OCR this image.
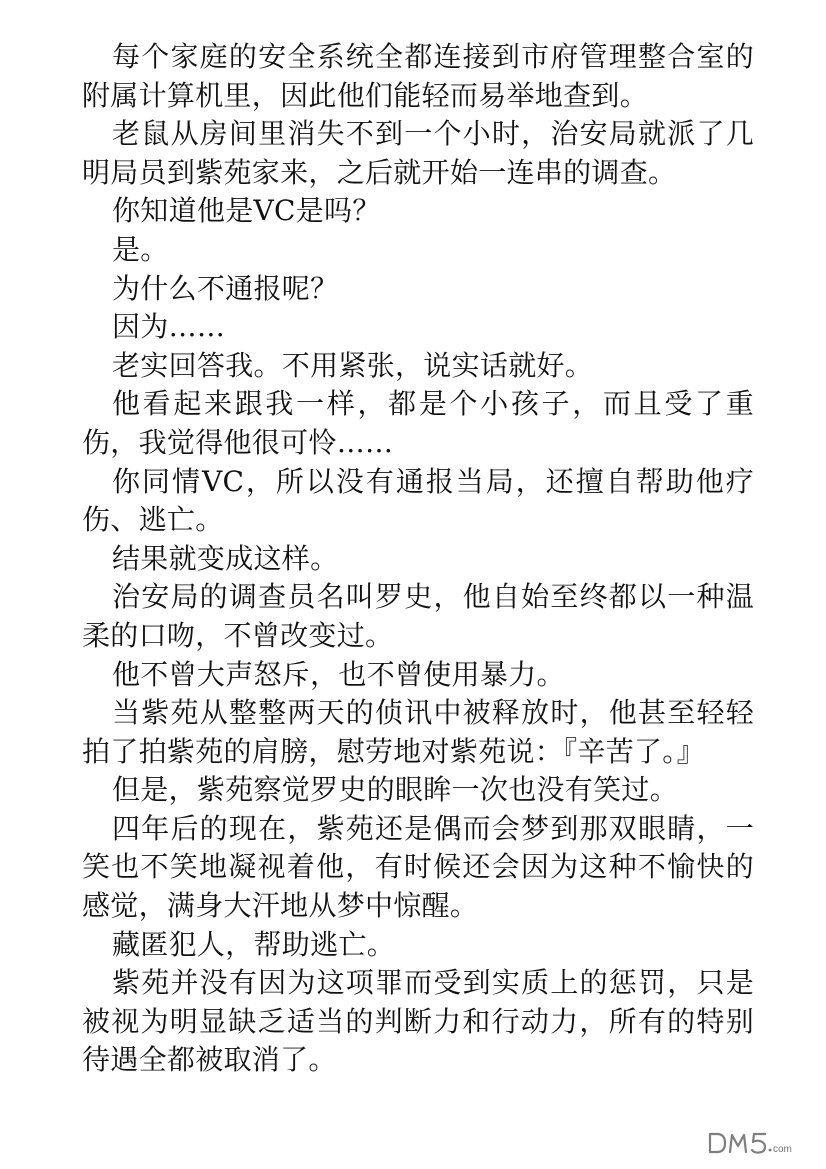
每个家庭的安全系统全都连接到市府管理整合室的附属计算机里，因此他们能轻而易举地查到。

老鼠从房间里消失不到一个小时，治安局就派了几明局员到紫苑家来，之后就开始一连串的调查。

你知道他是VC是吗？

是。

为什么不通报呢？

因为……

老实回答我。不用紧张，说实话就好。

他看起来跟我一样，都是个小孩子，而且受了重伤，我觉得他很可怜……

你同情VC，所以没有通报当局，还擅自帮助他疗伤、逃亡。

结果就变成这样。

治安局的调查员名叫罗史，他自始至终都以一种温柔的口吻，不曾改变过。

他不曾大声怒斥，也不曾使用暴力。

当紫苑从整整两天的侦讯中被释放时，他甚至轻轻拍了拍紫苑的肩膀，慰劳地对紫苑说：『辛苦了。』

但是，紫苑察觉罗史的眼眸一次也没有笑过。

四年后的现在，紫苑还是偶而会梦到那双眼睛，一笑也不笑地凝视着他，有时候还会因为这种不愉快的感觉，满身大汗地从梦中惊醒。

藏匿犯人，帮助逃亡。

紫苑并没有因为这项罪而受到实质上的惩罚，只是被视为明显缺乏适当的判断力和行动力，所有的特别待遇全都被取消了。

com
